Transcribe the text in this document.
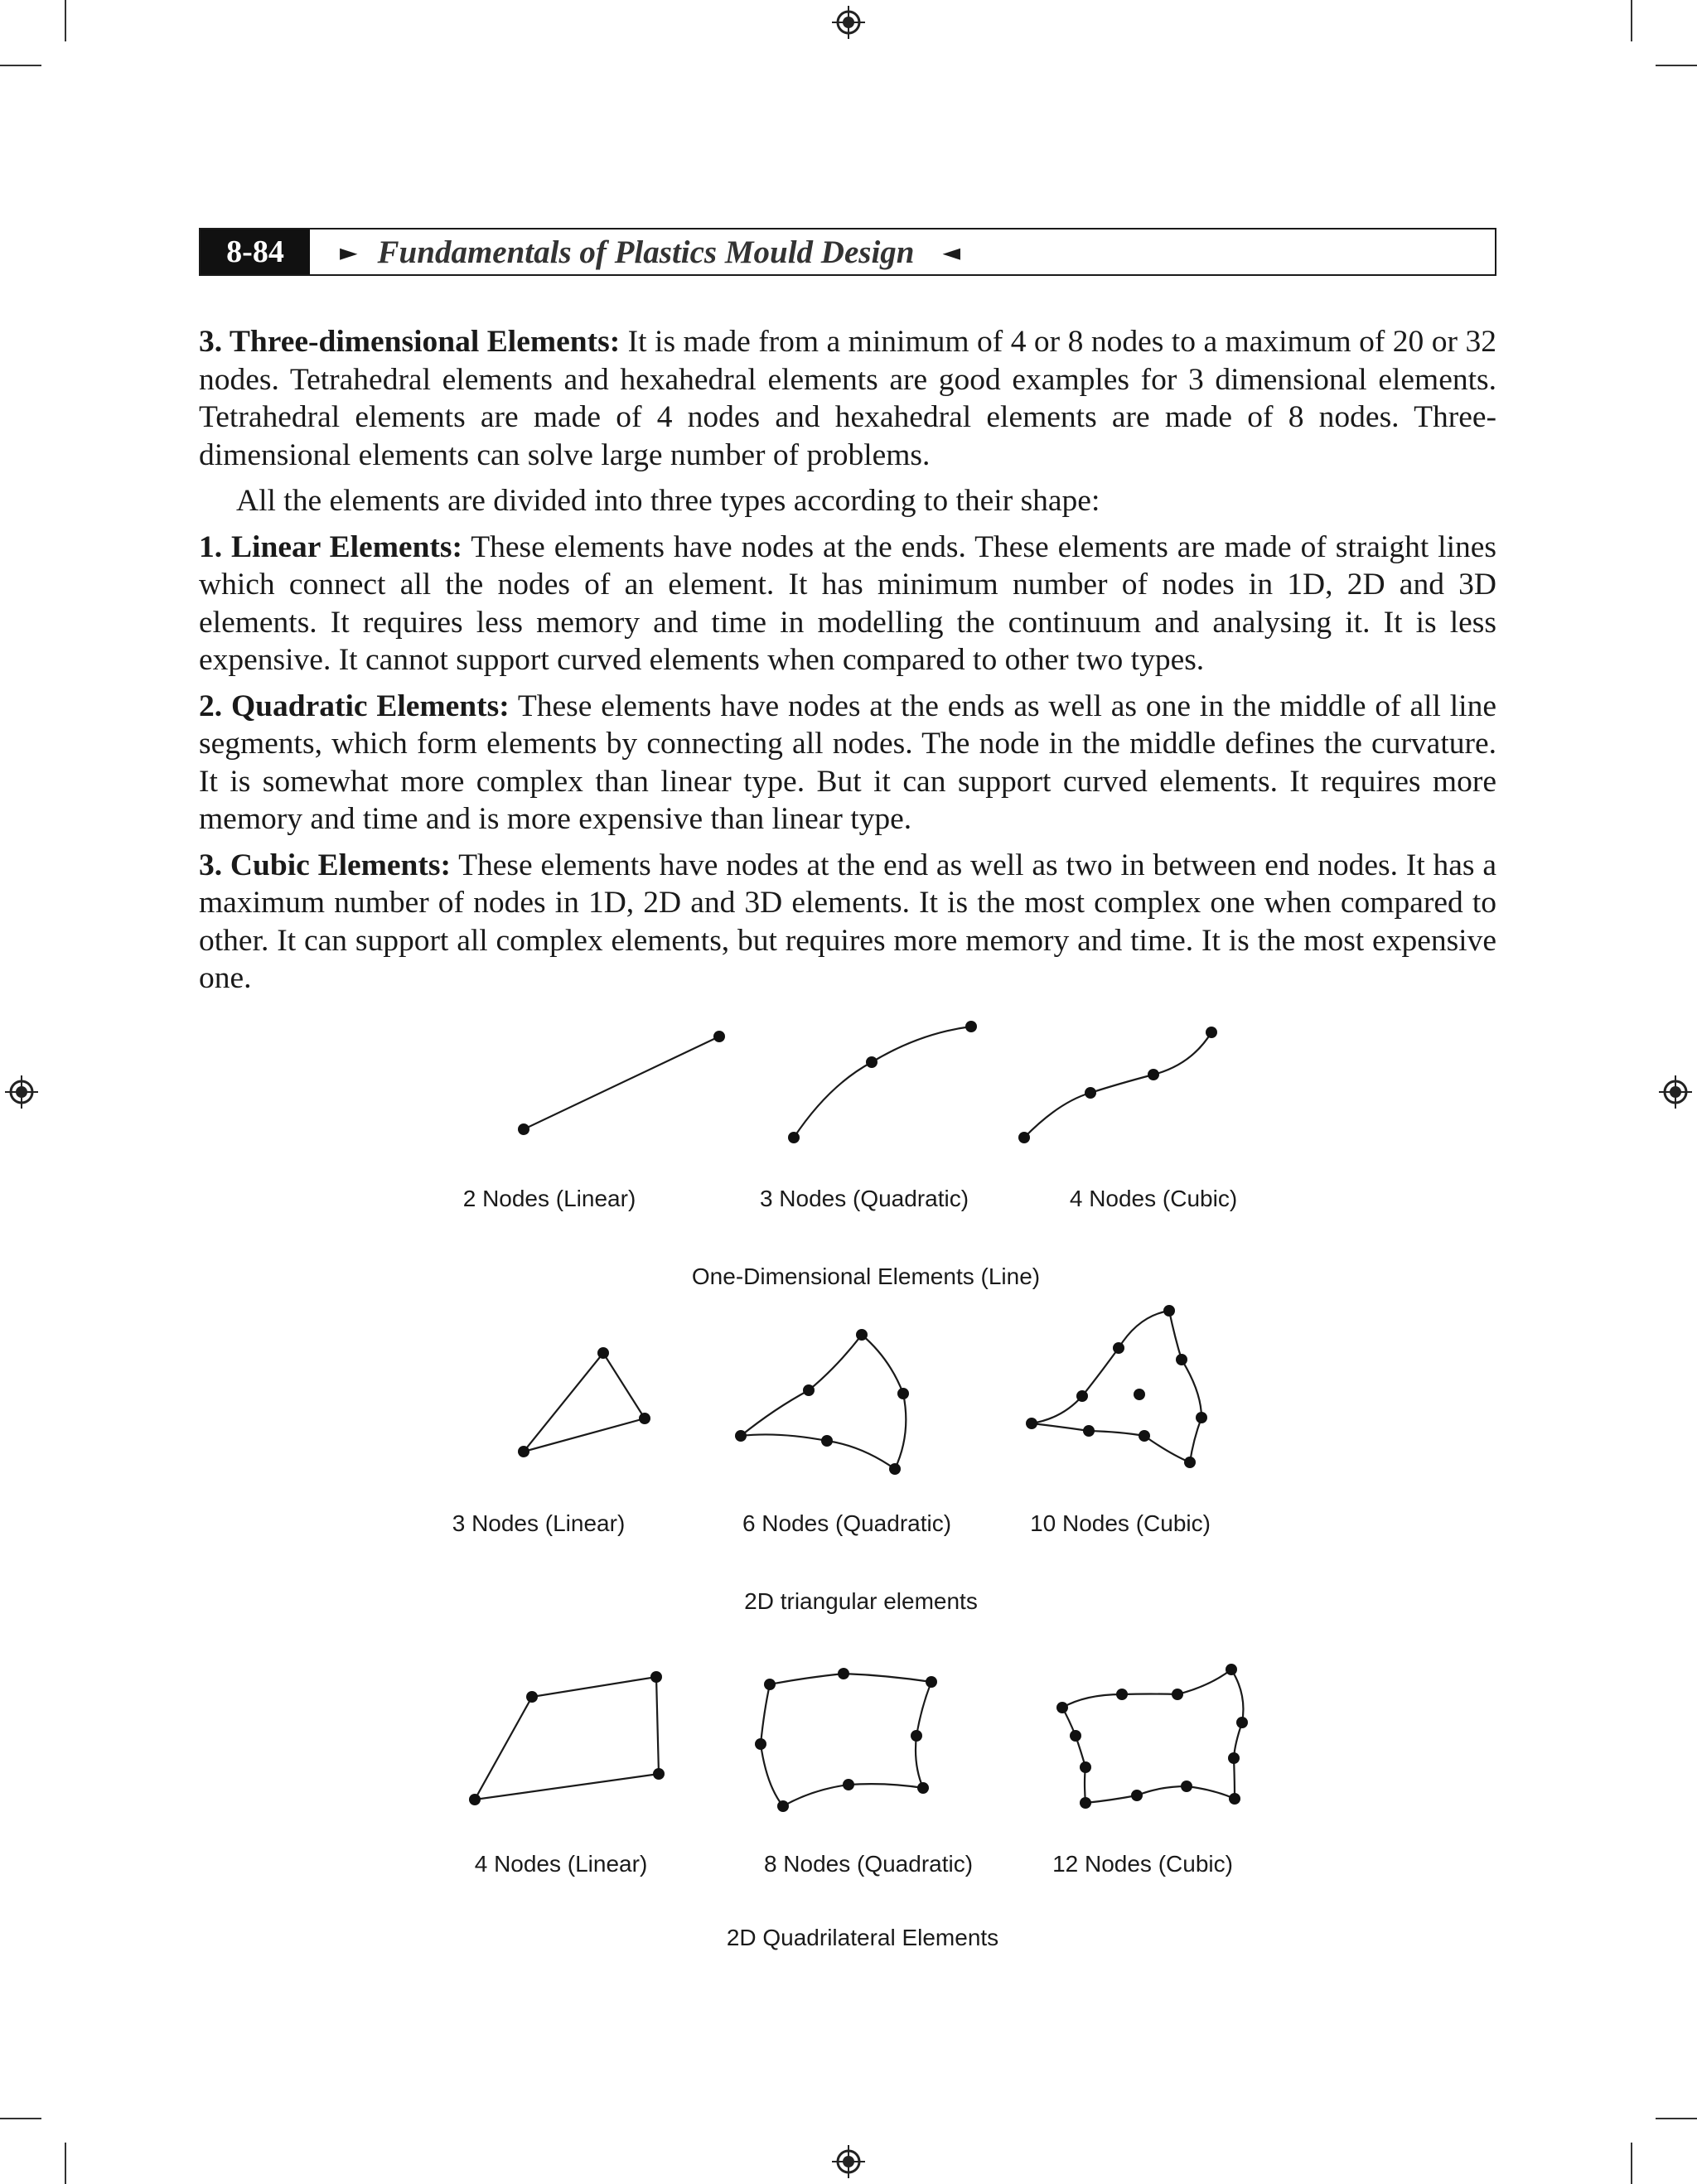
8-84	► Fundamentals of Plastics Mould Design ◄

3. Three-dimensional Elements: It is made from a minimum of 4 or 8 nodes to a maximum of 20 or 32 nodes. Tetrahedral elements and hexahedral elements are good examples for 3 dimensional elements. Tetrahedral elements are made of 4 nodes and hexahedral elements are made of 8 nodes. Three-dimensional elements can solve large number of problems.

All the elements are divided into three types according to their shape:

1. Linear Elements: These elements have nodes at the ends. These elements are made of straight lines which connect all the nodes of an element. It has minimum number of nodes in 1D, 2D and 3D elements. It requires less memory and time in modelling the continuum and analysing it. It is less expensive. It cannot support curved elements when compared to other two types.

2. Quadratic Elements: These elements have nodes at the ends as well as one in the middle of all line segments, which form elements by connecting all nodes. The node in the middle defines the curvature. It is somewhat more complex than linear type. But it can support curved elements. It requires more memory and time and is more expensive than linear type.

3. Cubic Elements: These elements have nodes at the end as well as two in between end nodes. It has a maximum number of nodes in 1D, 2D and 3D elements. It is the most complex one when compared to other. It can support all complex elements, but requires more memory and time. It is the most expensive one.

2 Nodes (Linear)	3 Nodes (Quadratic)	4 Nodes (Cubic)
One-Dimensional Elements (Line)
3 Nodes (Linear)	6 Nodes (Quadratic)	10 Nodes (Cubic)
2D triangular elements
4 Nodes (Linear)	8 Nodes (Quadratic)	12 Nodes (Cubic)
2D Quadrilateral Elements
